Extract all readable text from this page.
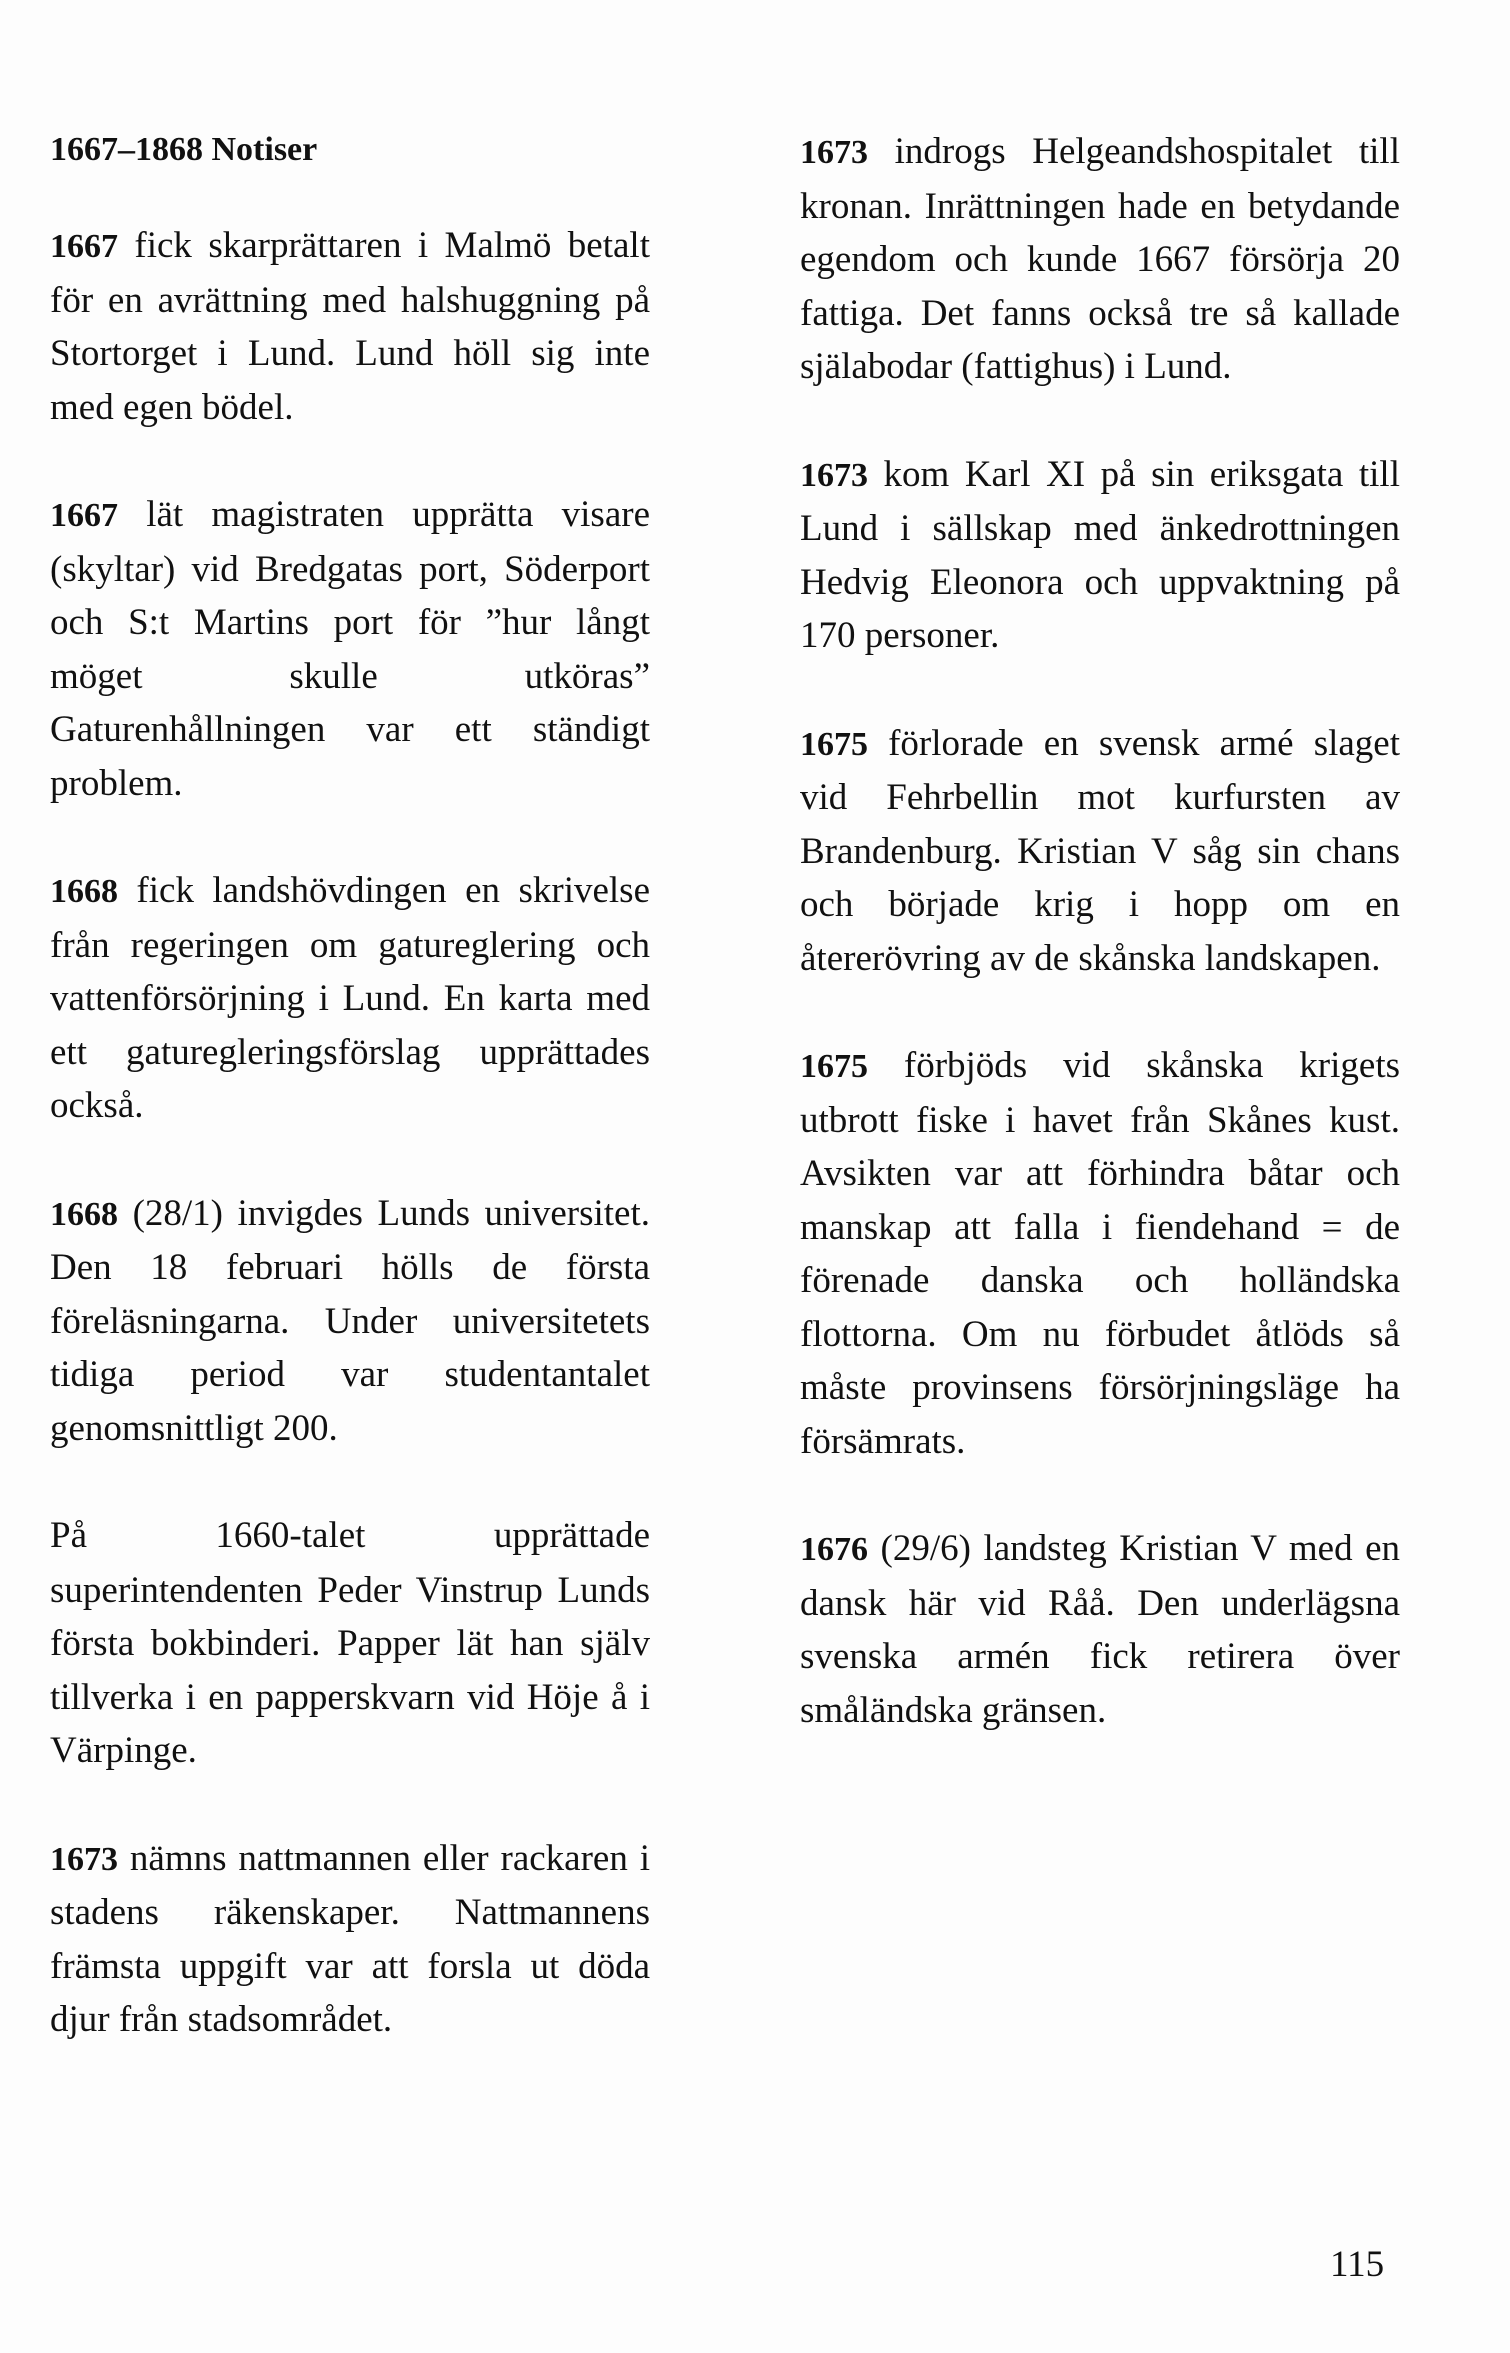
1667–1868 Notiser

1667 fick skarprättaren i Malmö betalt för en avrättning med halshuggning på Stortorget i Lund. Lund höll sig inte med egen bödel.

1667 lät magistraten upprätta visare (skyltar) vid Bredgatas port, Söderport och S:t Martins port för ”hur långt möget skulle utköras” Gaturenhållningen var ett ständigt problem.

1668 fick landshövdingen en skrivelse från regeringen om gatureglering och vattenförsörjning i Lund. En karta med ett gaturegleringsförslag upprättades också.

1668 (28/1) invigdes Lunds universitet. Den 18 februari hölls de första föreläsningarna. Under universitetets tidiga period var studentantalet genomsnittligt 200.

På 1660-talet upprättade superintendenten Peder Vinstrup Lunds första bokbinderi. Papper lät han själv tillverka i en papperskvarn vid Höje å i Värpinge.

1673 nämns nattmannen eller rackaren i stadens räkenskaper. Nattmannens främsta uppgift var att forsla ut döda djur från stadsområdet.

1673 indrogs Helgeandshospitalet till kronan. Inrättningen hade en betydande egendom och kunde 1667 försörja 20 fattiga. Det fanns också tre så kallade själabodar (fattighus) i Lund.

1673 kom Karl XI på sin eriksgata till Lund i sällskap med änkedrottningen Hedvig Eleonora och uppvaktning på 170 personer.

1675 förlorade en svensk armé slaget vid Fehrbellin mot kurfursten av Brandenburg. Kristian V såg sin chans och började krig i hopp om en återerövring av de skånska landskapen.

1675 förbjöds vid skånska krigets utbrott fiske i havet från Skånes kust. Avsikten var att förhindra båtar och manskap att falla i fiendehand = de förenade danska och holländska flottorna. Om nu förbudet åtlöds så måste provinsens försörjningsläge ha försämrats.

1676 (29/6) landsteg Kristian V med en dansk här vid Råå. Den underlägsna svenska armén fick retirera över småländska gränsen.

115
